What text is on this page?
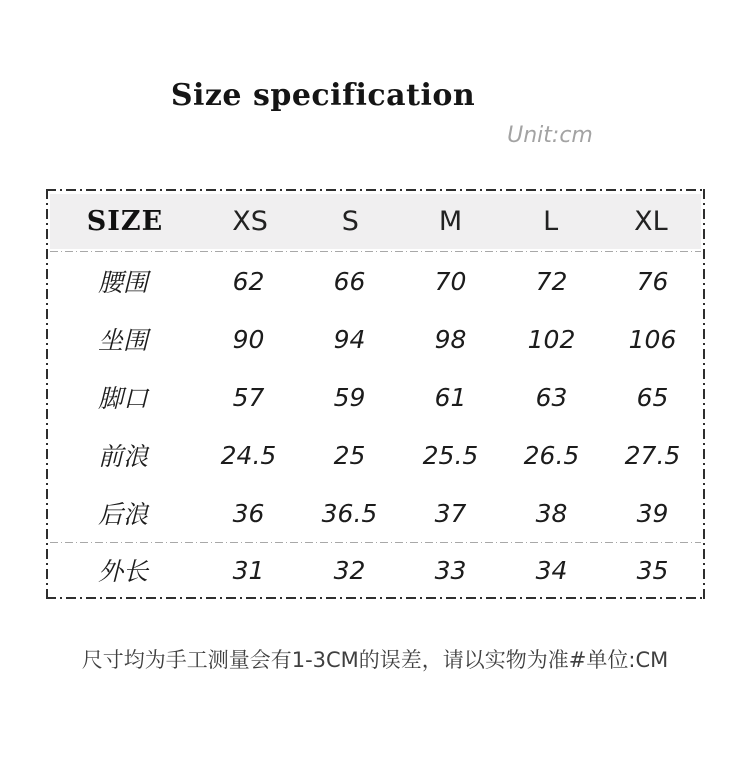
Size specification
Unit:cm
SIZE	XS	S	M	L	XL
腰围	62	66	70	72	76
坐围	90	94	98	102	106
脚口	57	59	61	63	65
前浪	24.5	25	25.5	26.5	27.5
后浪	36	36.5	37	38	39
外长	31	32	33	34	35
尺寸均为手工测量会有1-3CM的误差，请以实物为准#单位:CM
